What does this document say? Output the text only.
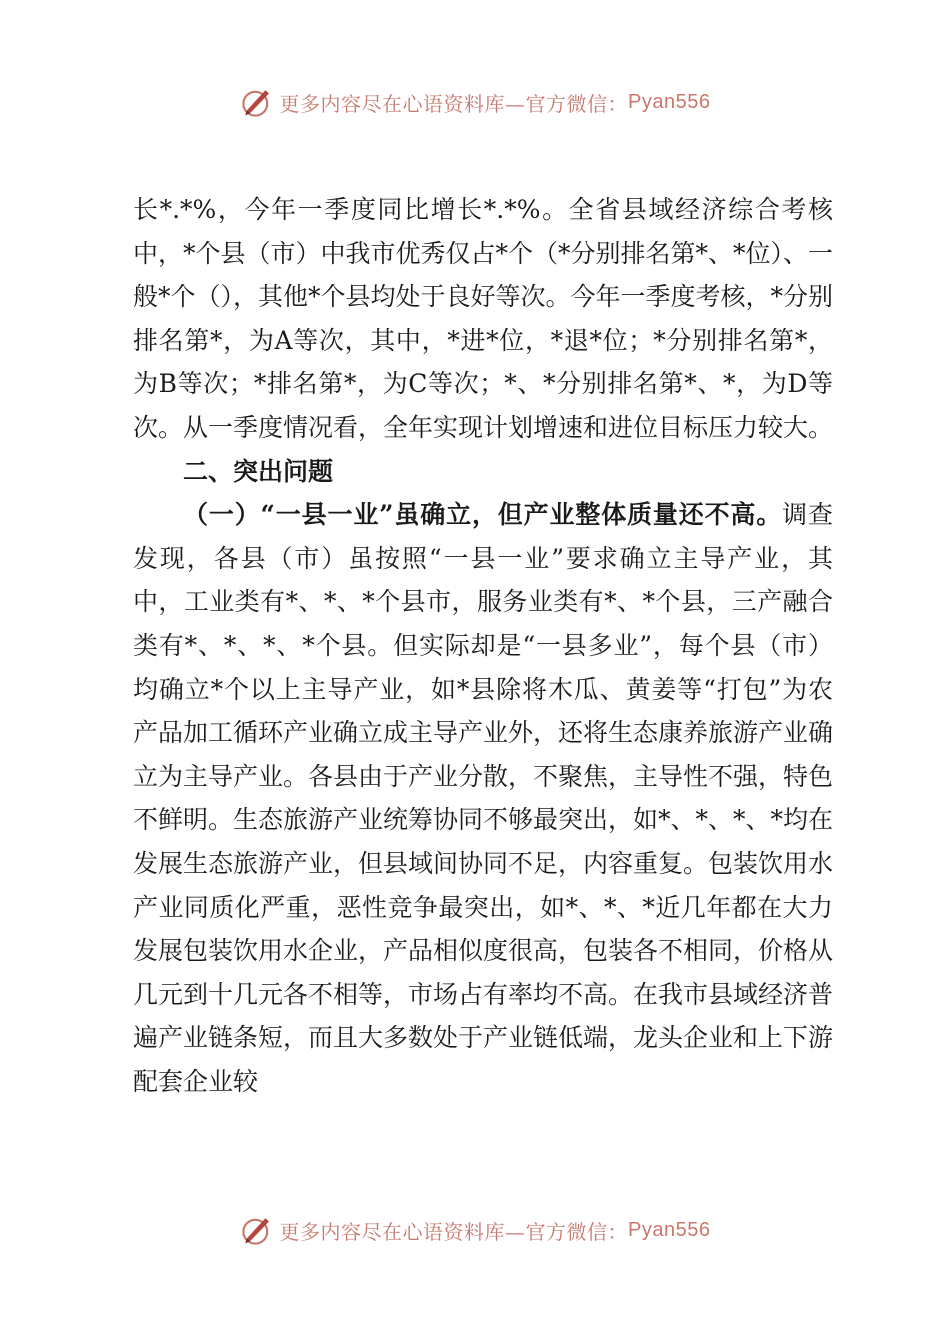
更多内容尽在心语资料库—官方微信： Pyan556

长*.*%，今年一季度同比增长*.*%。全省县域经济综合考核中，*个县（市）中我市优秀仅占*个（*分别排名第*、*位）、一般*个（），其他*个县均处于良好等次。今年一季度考核，*分别排名第*，为A等次，其中，*进*位，*退*位；*分别排名第*，为B等次；*排名第*，为C等次；*、*分别排名第*、*，为D等次。从一季度情况看，全年实现计划增速和进位目标压力较大。

二、突出问题

（一）“一县一业”虽确立，但产业整体质量还不高。调查发现，各县（市）虽按照“一县一业”要求确立主导产业，其中，工业类有*、*、*个县市，服务业类有*、*个县，三产融合类有*、*、*、*个县。但实际却是“一县多业”，每个县（市）均确立*个以上主导产业，如*县除将木瓜、黄姜等“打包”为农产品加工循环产业确立成主导产业外，还将生态康养旅游产业确立为主导产业。各县由于产业分散，不聚焦，主导性不强，特色不鲜明。生态旅游产业统筹协同不够最突出，如*、*、*、*均在发展生态旅游产业，但县域间协同不足，内容重复。包装饮用水产业同质化严重，恶性竞争最突出，如*、*、*近几年都在大力发展包装饮用水企业，产品相似度很高，包装各不相同，价格从几元到十几元各不相等，市场占有率均不高。在我市县域经济普遍产业链条短，而且大多数处于产业链低端，龙头企业和上下游配套企业较

更多内容尽在心语资料库—官方微信： Pyan556
